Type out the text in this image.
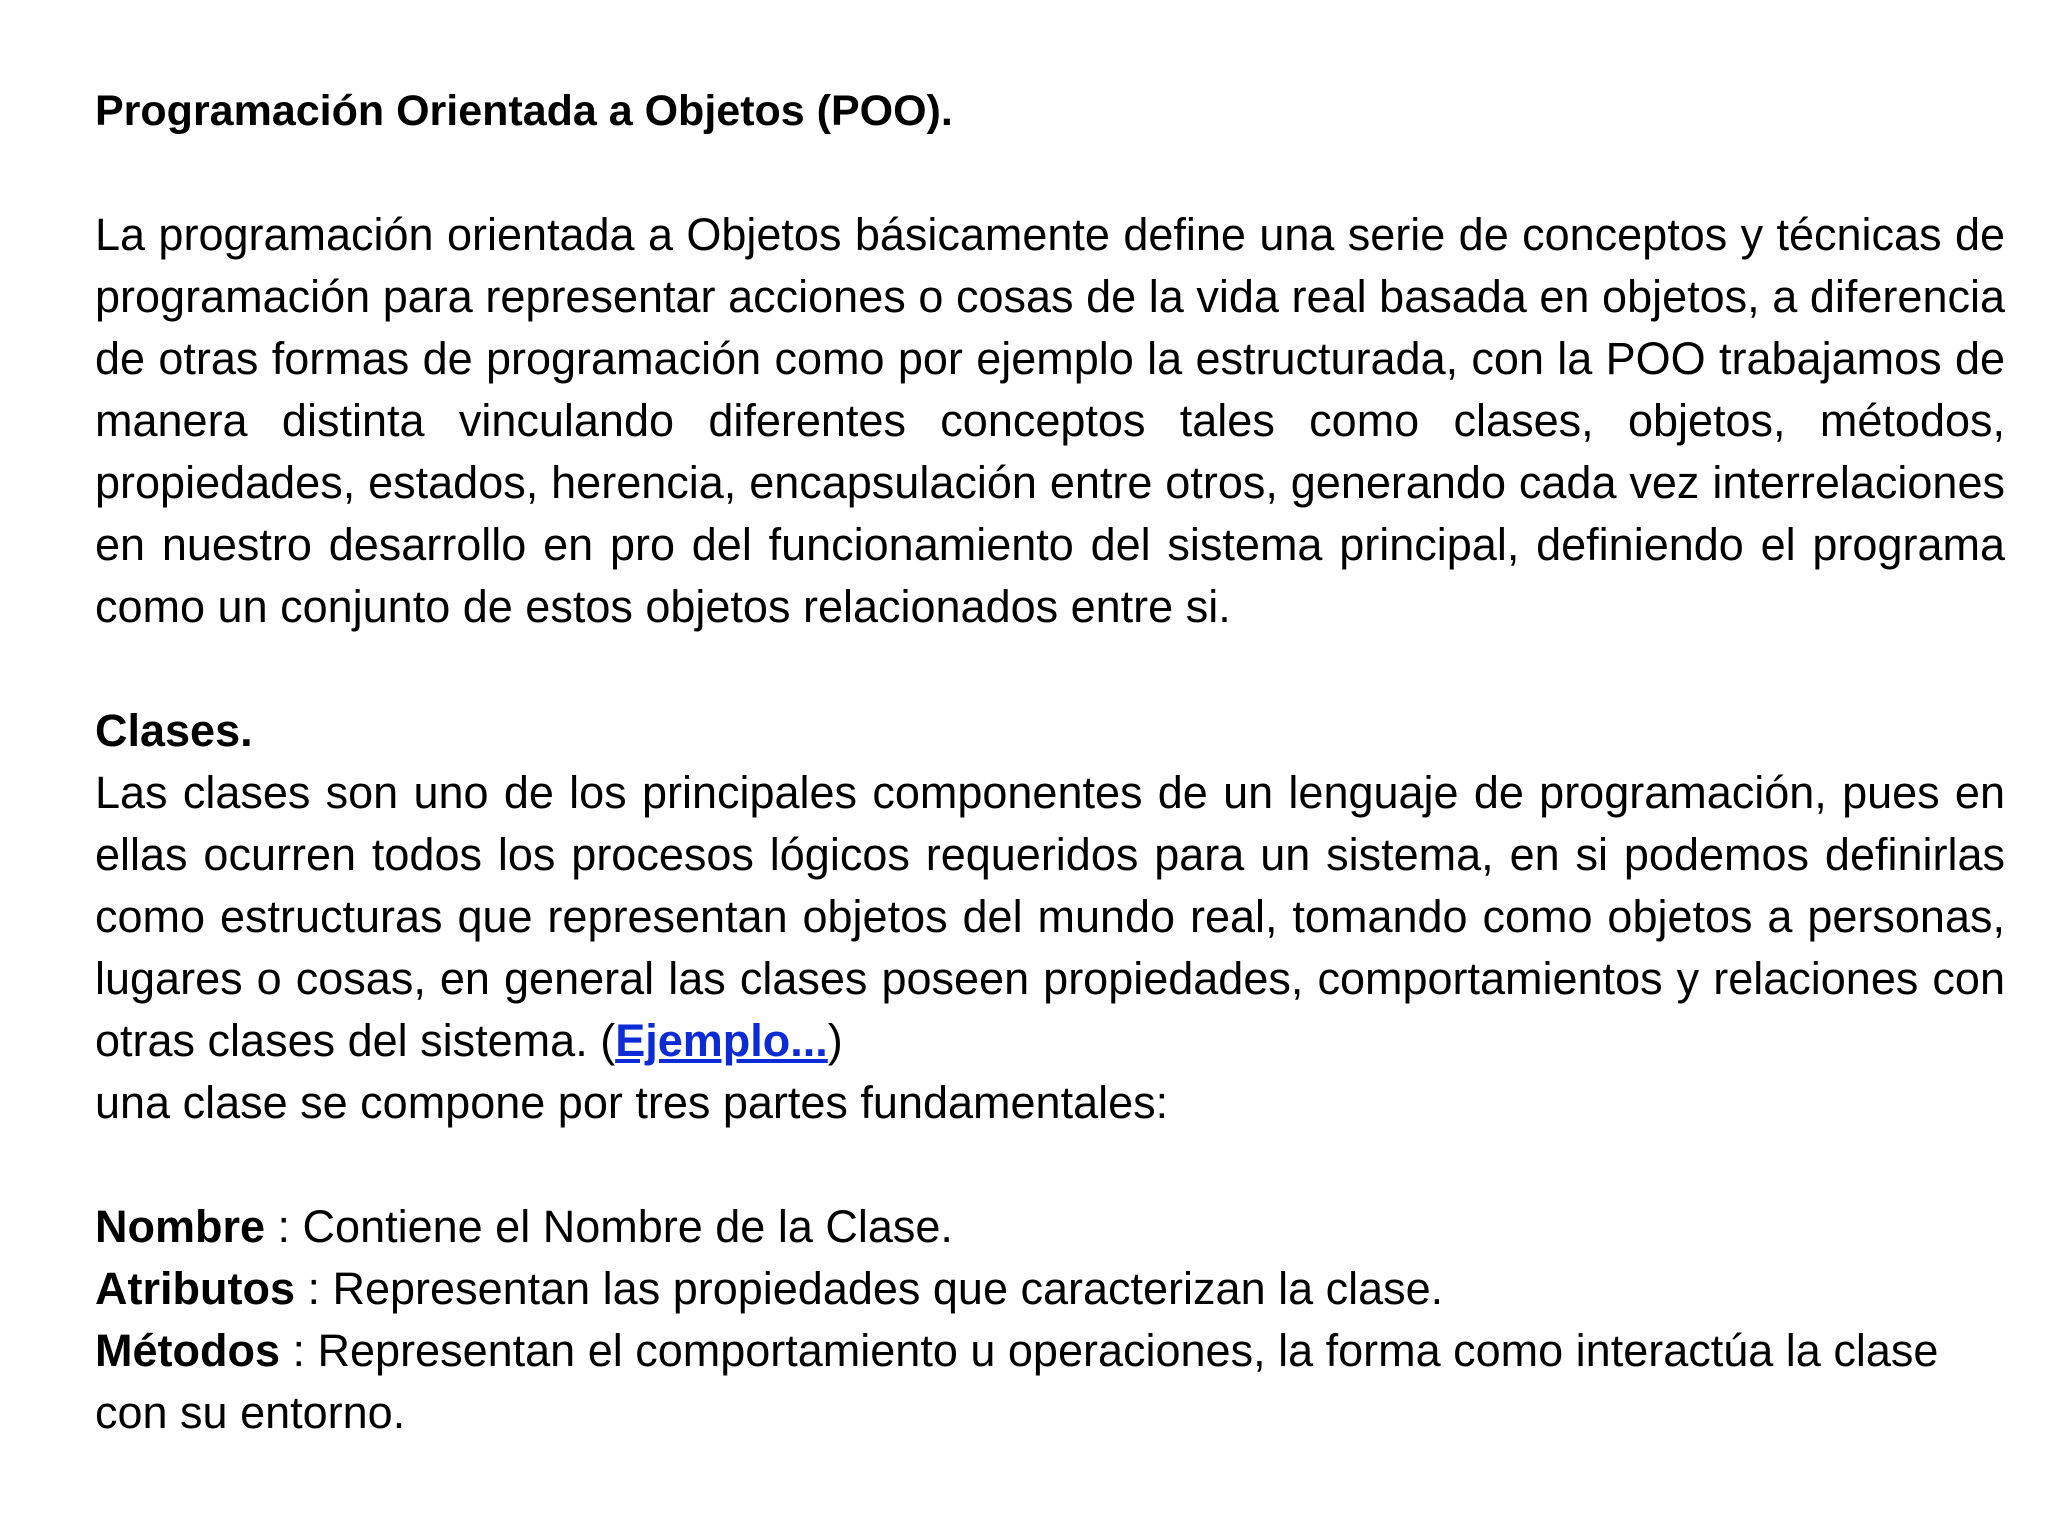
Programación Orientada a Objetos (POO).

La programación orientada a Objetos básicamente define una serie de conceptos y técnicas de programación para representar acciones o cosas de la vida real basada en objetos, a diferencia de otras formas de programación como por ejemplo la estructurada, con la POO trabajamos de manera distinta vinculando diferentes conceptos tales como clases, objetos, métodos, propiedades, estados, herencia, encapsulación entre otros, generando cada vez interrelaciones en nuestro desarrollo en pro del funcionamiento del sistema principal, definiendo el programa como un conjunto de estos objetos relacionados entre si.

Clases.

Las clases son uno de los principales componentes de un lenguaje de programación, pues en ellas ocurren todos los procesos lógicos requeridos para un sistema, en si podemos definirlas como estructuras que representan objetos del mundo real, tomando como objetos a personas, lugares o cosas, en general las clases poseen propiedades, comportamientos y relaciones con otras clases del sistema. (Ejemplo...)

una clase se compone por tres partes fundamentales:

Nombre : Contiene el Nombre de la Clase.

Atributos : Representan las propiedades que caracterizan la clase.

Métodos : Representan el comportamiento u operaciones, la forma como interactúa la clase con su entorno.
